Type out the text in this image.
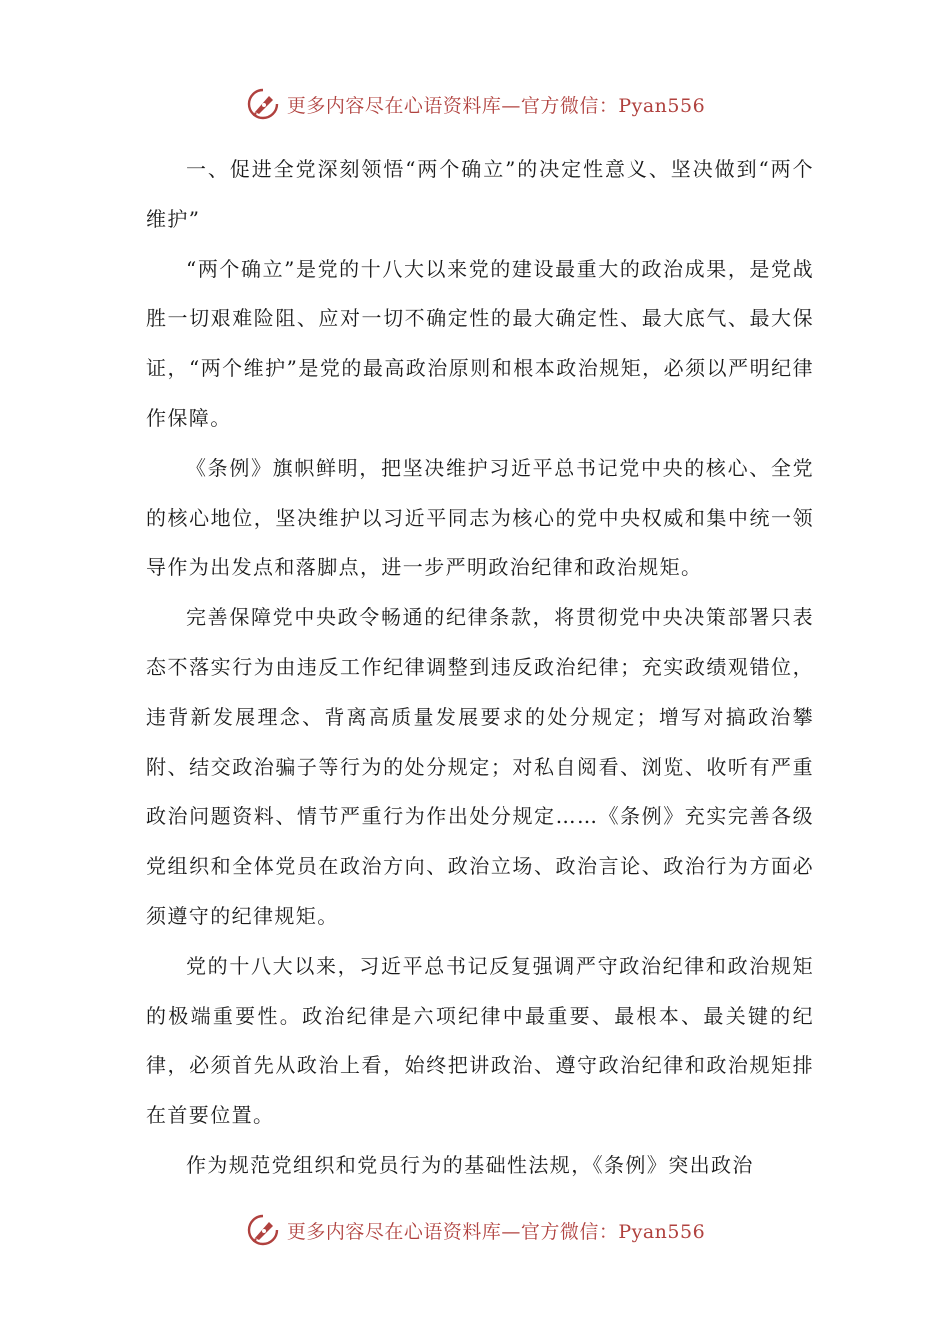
更多内容尽在心语资料库—官方微信：Pyan556

一、促进全党深刻领悟“两个确立”的决定性意义、坚决做到“两个维护”

“两个确立”是党的十八大以来党的建设最重大的政治成果，是党战胜一切艰难险阻、应对一切不确定性的最大确定性、最大底气、最大保证，“两个维护”是党的最高政治原则和根本政治规矩，必须以严明纪律作保障。

《条例》旗帜鲜明，把坚决维护习近平总书记党中央的核心、全党的核心地位，坚决维护以习近平同志为核心的党中央权威和集中统一领导作为出发点和落脚点，进一步严明政治纪律和政治规矩。

完善保障党中央政令畅通的纪律条款，将贯彻党中央决策部署只表态不落实行为由违反工作纪律调整到违反政治纪律；充实政绩观错位，违背新发展理念、背离高质量发展要求的处分规定；增写对搞政治攀附、结交政治骗子等行为的处分规定；对私自阅看、浏览、收听有严重政治问题资料、情节严重行为作出处分规定……《条例》充实完善各级党组织和全体党员在政治方向、政治立场、政治言论、政治行为方面必须遵守的纪律规矩。

党的十八大以来，习近平总书记反复强调严守政治纪律和政治规矩的极端重要性。政治纪律是六项纪律中最重要、最根本、最关键的纪律，必须首先从政治上看，始终把讲政治、遵守政治纪律和政治规矩排在首要位置。

作为规范党组织和党员行为的基础性法规，《条例》突出政治

更多内容尽在心语资料库—官方微信：Pyan556
